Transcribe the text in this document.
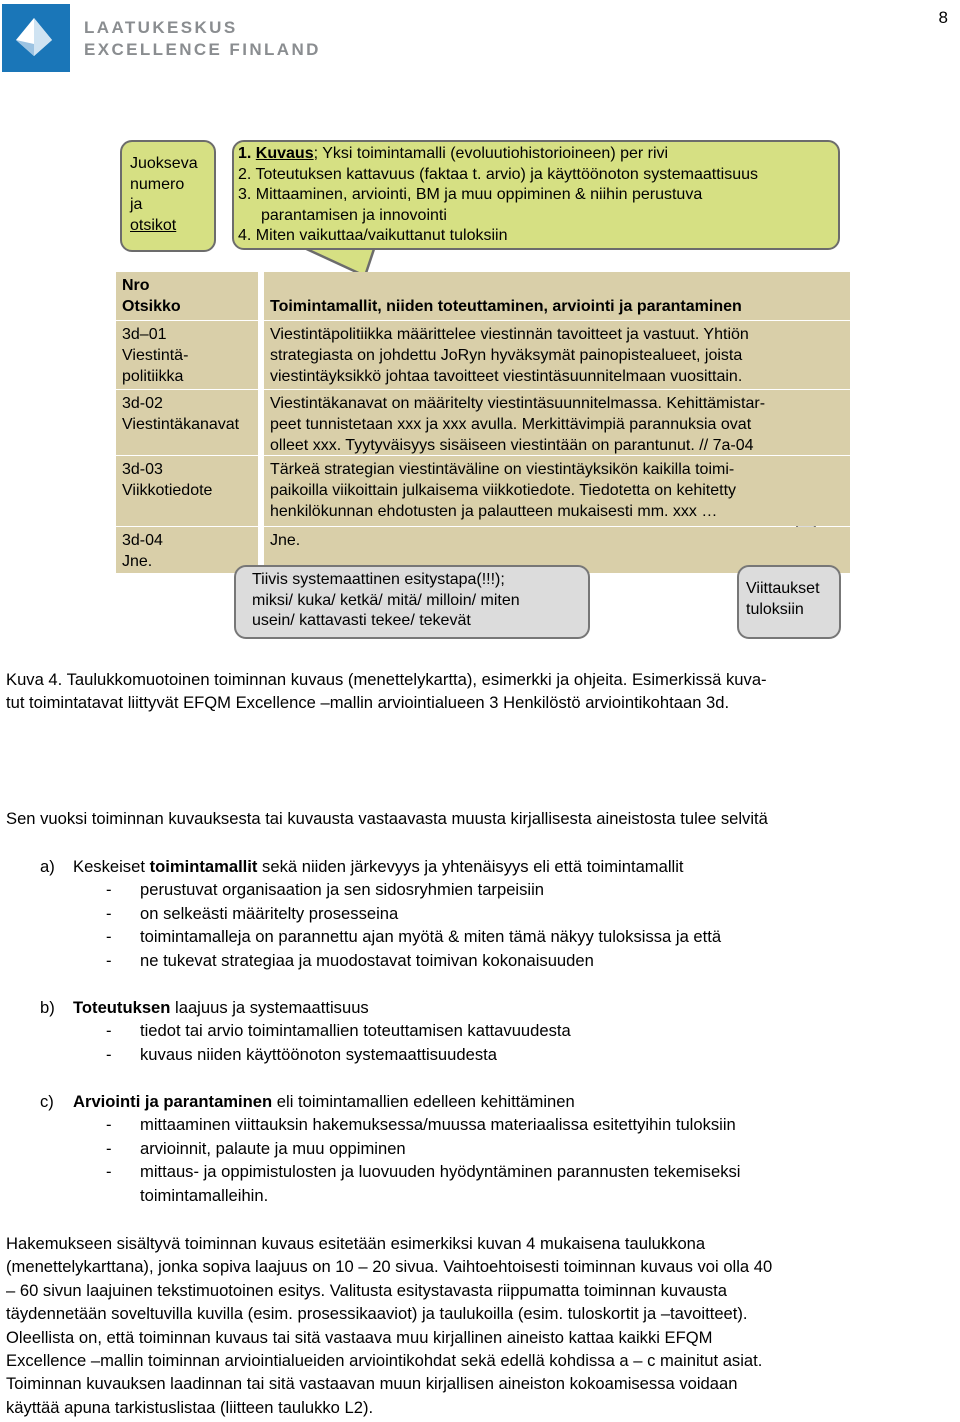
LAATUKESKUS
EXCELLENCE FINLAND
8
Juokseva
numero
ja
otsikot
1. Kuvaus; Yksi toimintamalli (evoluutiohistorioineen) per rivi
2. Toteutuksen kattavuus (faktaa t. arvio) ja käyttöönoton systemaattisuus
3. Mittaaminen, arviointi, BM ja muu oppiminen & niihin perustuva
parantamisen ja innovointi
4. Miten vaikuttaa/vaikuttanut tuloksiin
Nro
Otsikko	Toimintamallit, niiden toteuttaminen, arviointi ja parantaminen
3d–01
Viestintä-
politiikka
Viestintäpolitiikka määrittelee viestinnän tavoitteet ja vastuut. Yhtiön
strategiasta on johdettu JoRyn hyväksymät painopistealueet, joista
viestintäyksikkö johtaa tavoitteet viestintäsuunnitelmaan vuosittain.
3d-02
Viestintäkanavat
Viestintäkanavat on määritelty viestintäsuunnitelmassa. Kehittämistar-
peet tunnistetaan xxx ja xxx avulla. Merkittävimpiä parannuksia ovat
olleet xxx. Tyytyväisyys sisäiseen viestintään on parantunut. // 7a-04
3d-03
Viikkotiedote
Tärkeä strategian viestintäväline on viestintäyksikön kaikilla toimi-
paikoilla viikoittain julkaisema viikkotiedote. Tiedotetta on kehitetty
henkilökunnan ehdotusten ja palautteen mukaisesti mm. xxx …
3d-04
Jne.
Jne.
Tiivis systemaattinen esitystapa(!!!);
miksi/ kuka/ ketkä/ mitä/ milloin/ miten
usein/ kattavasti tekee/ tekevät
Viittaukset
tuloksiin
Kuva 4. Taulukkomuotoinen toiminnan kuvaus (menettelykartta), esimerkki ja ohjeita. Esimerkissä kuva-
tut toimintatavat liittyvät EFQM Excellence –mallin arviointialueen 3 Henkilöstö arviointikohtaan 3d.
Sen vuoksi toiminnan kuvauksesta tai kuvausta vastaavasta muusta kirjallisesta aineistosta tulee selvitä
a) Keskeiset toimintamallit sekä niiden järkevyys ja yhtenäisyys eli että toimintamallit
- perustuvat organisaation ja sen sidosryhmien tarpeisiin
- on selkeästi määritelty prosesseina
- toimintamalleja on parannettu ajan myötä & miten tämä näkyy tuloksissa ja että
- ne tukevat strategiaa ja muodostavat toimivan kokonaisuuden
b) Toteutuksen laajuus ja systemaattisuus
- tiedot tai arvio toimintamallien toteuttamisen kattavuudesta
- kuvaus niiden käyttöönoton systemaattisuudesta
c) Arviointi ja parantaminen eli toimintamallien edelleen kehittäminen
- mittaaminen viittauksin hakemuksessa/muussa materiaalissa esitettyihin tuloksiin
- arvioinnit, palaute ja muu oppiminen
- mittaus- ja oppimistulosten ja luovuuden hyödyntäminen parannusten tekemiseksi
toimintamalleihin.
Hakemukseen sisältyvä toiminnan kuvaus esitetään esimerkiksi kuvan 4 mukaisena taulukkona
(menettelykarttana), jonka sopiva laajuus on 10 – 20 sivua. Vaihtoehtoisesti toiminnan kuvaus voi olla 40
– 60 sivun laajuinen tekstimuotoinen esitys. Valitusta esitystavasta riippumatta toiminnan kuvausta
täydennetään soveltuvilla kuvilla (esim. prosessikaaviot) ja taulukoilla (esim. tuloskortit ja –tavoitteet).
Oleellista on, että toiminnan kuvaus tai sitä vastaava muu kirjallinen aineisto kattaa kaikki EFQM
Excellence –mallin toiminnan arviointialueiden arviointikohdat sekä edellä kohdissa a – c mainitut asiat.
Toiminnan kuvauksen laadinnan tai sitä vastaavan muun kirjallisen aineiston kokoamisessa voidaan
käyttää apuna tarkistuslistaa (liitteen taulukko L2).
